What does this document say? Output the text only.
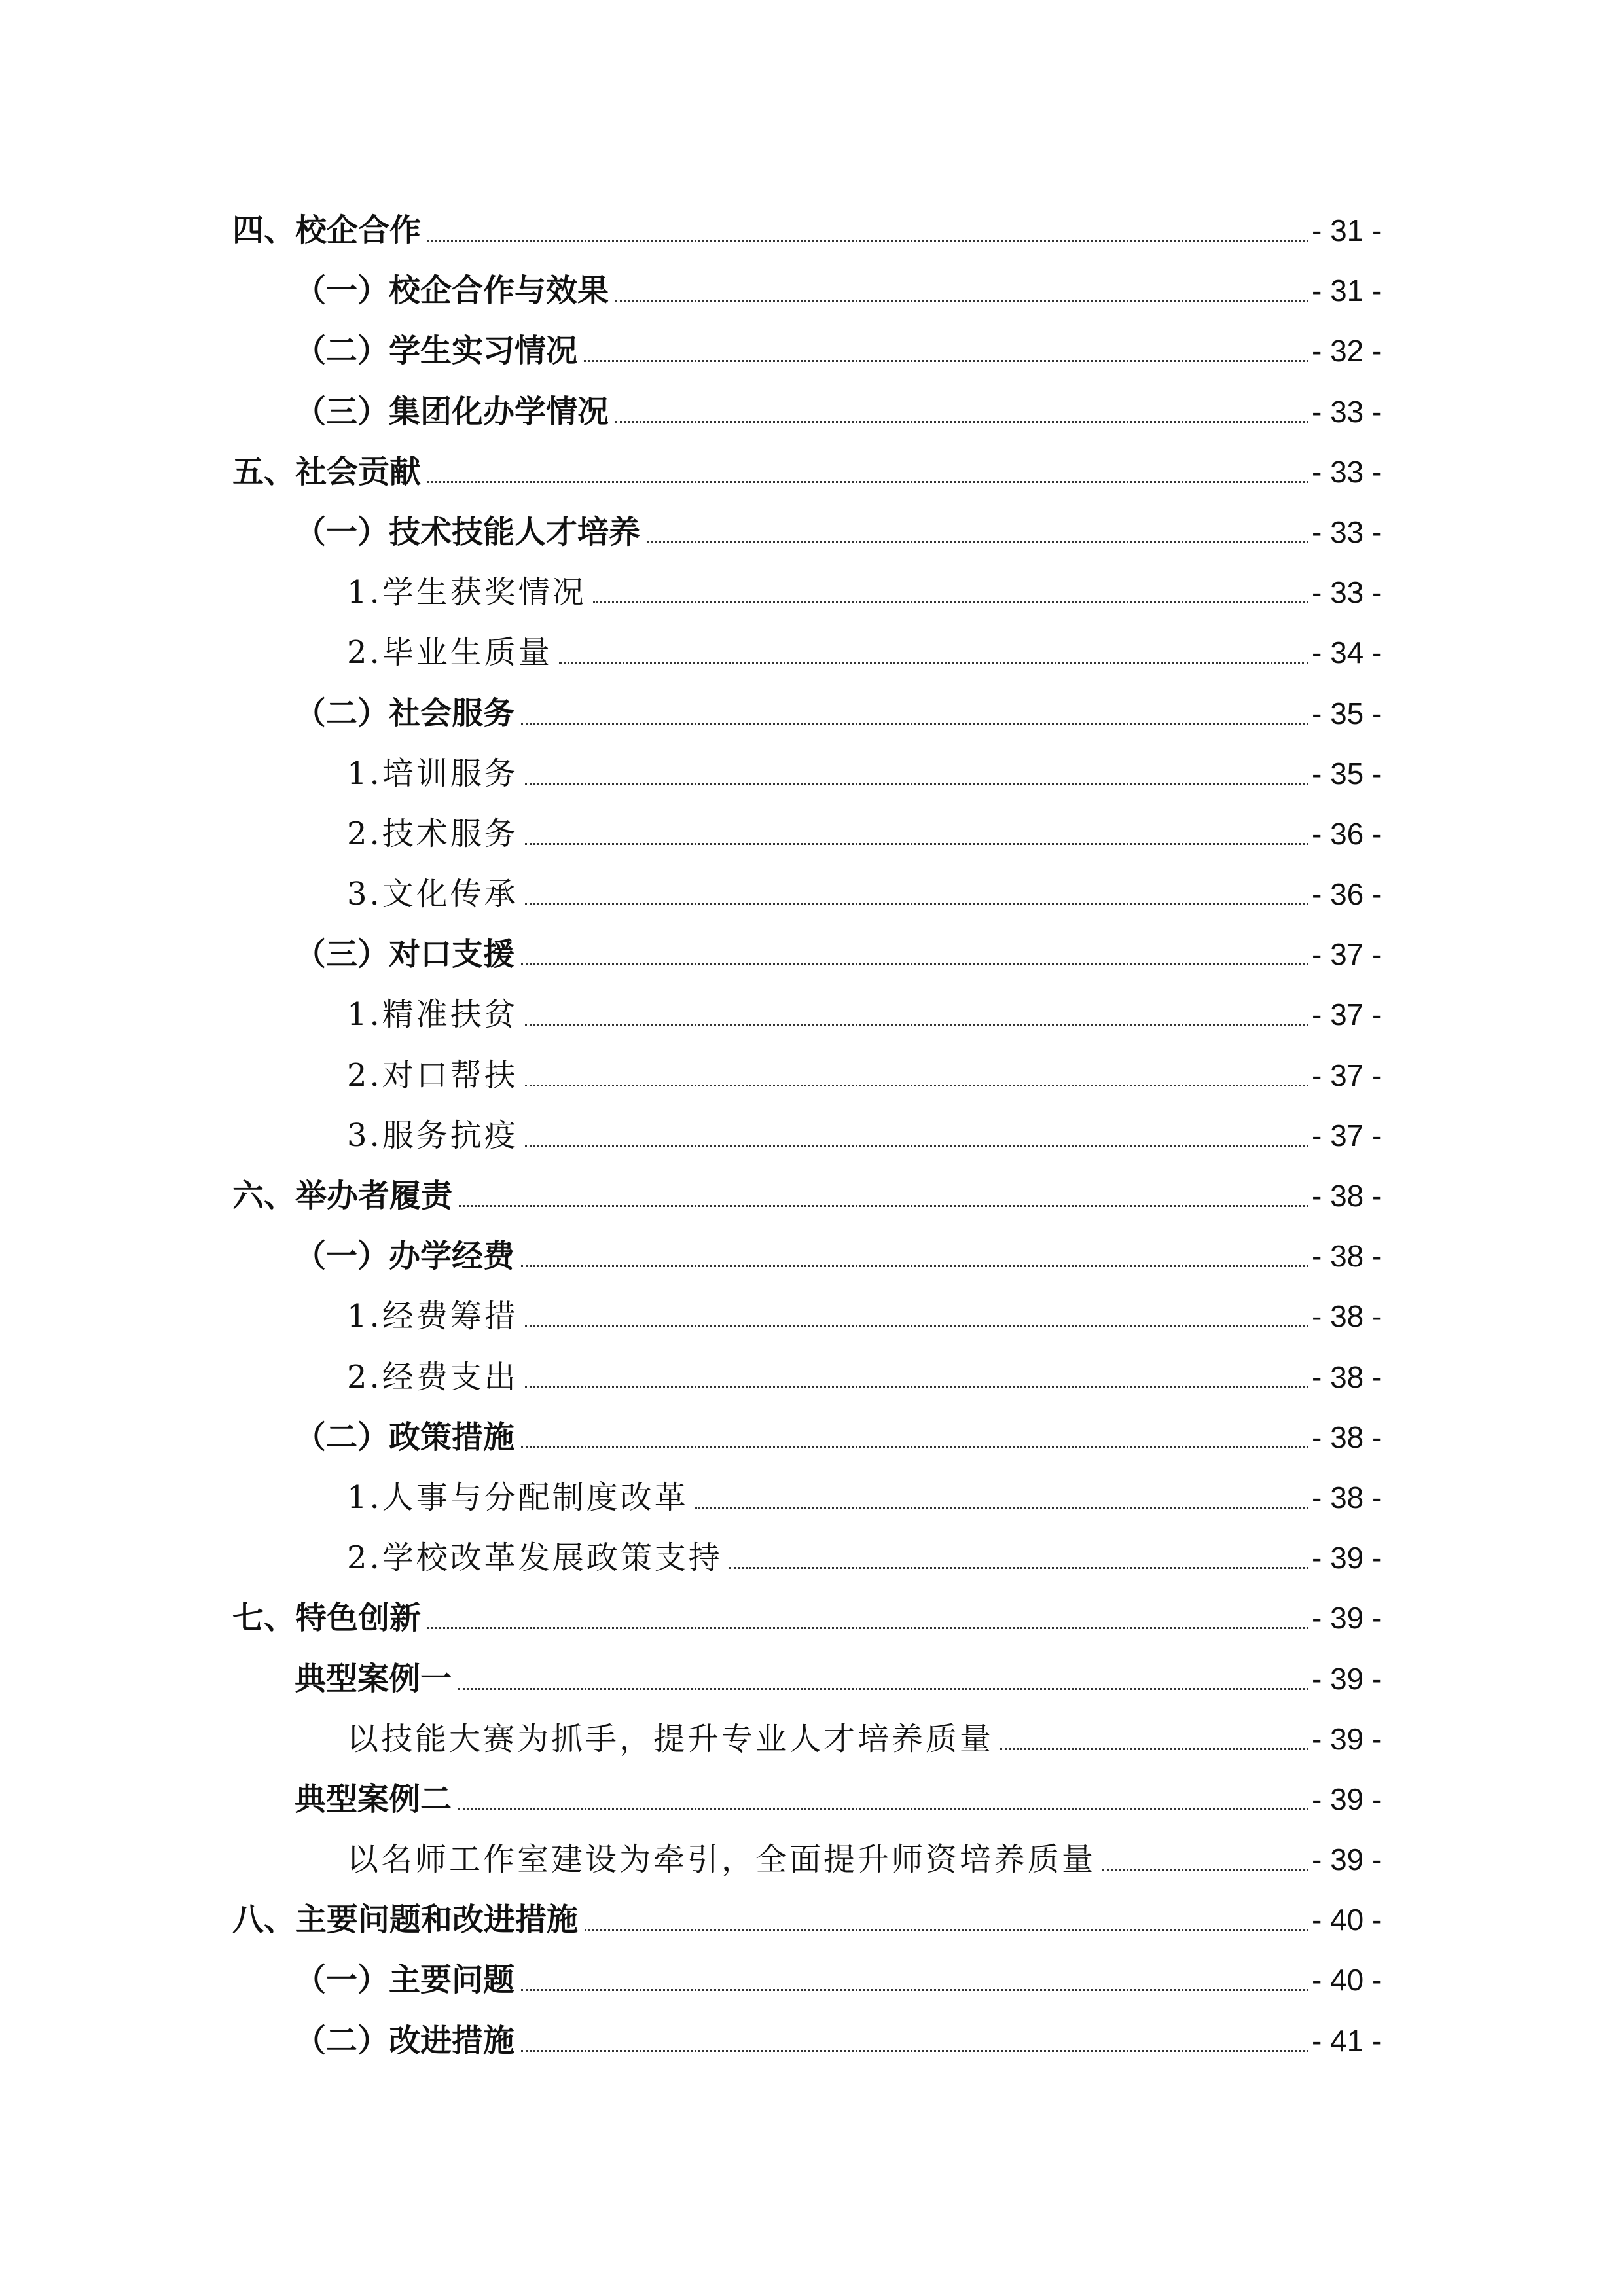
四、校企合作	- 31 -
（一）校企合作与效果	- 31 -
（二）学生实习情况	- 32 -
（三）集团化办学情况	- 33 -
五、社会贡献	- 33 -
（一）技术技能人才培养	- 33 -
1.学生获奖情况	- 33 -
2.毕业生质量	- 34 -
（二）社会服务	- 35 -
1.培训服务	- 35 -
2.技术服务	- 36 -
3.文化传承	- 36 -
（三）对口支援	- 37 -
1.精准扶贫	- 37 -
2.对口帮扶	- 37 -
3.服务抗疫	- 37 -
六、举办者履责	- 38 -
（一）办学经费	- 38 -
1.经费筹措	- 38 -
2.经费支出	- 38 -
（二）政策措施	- 38 -
1.人事与分配制度改革	- 38 -
2.学校改革发展政策支持	- 39 -
七、特色创新	- 39 -
典型案例一	- 39 -
以技能大赛为抓手，提升专业人才培养质量	- 39 -
典型案例二	- 39 -
以名师工作室建设为牵引，全面提升师资培养质量	- 39 -
八、主要问题和改进措施	- 40 -
（一）主要问题	- 40 -
（二）改进措施	- 41 -
